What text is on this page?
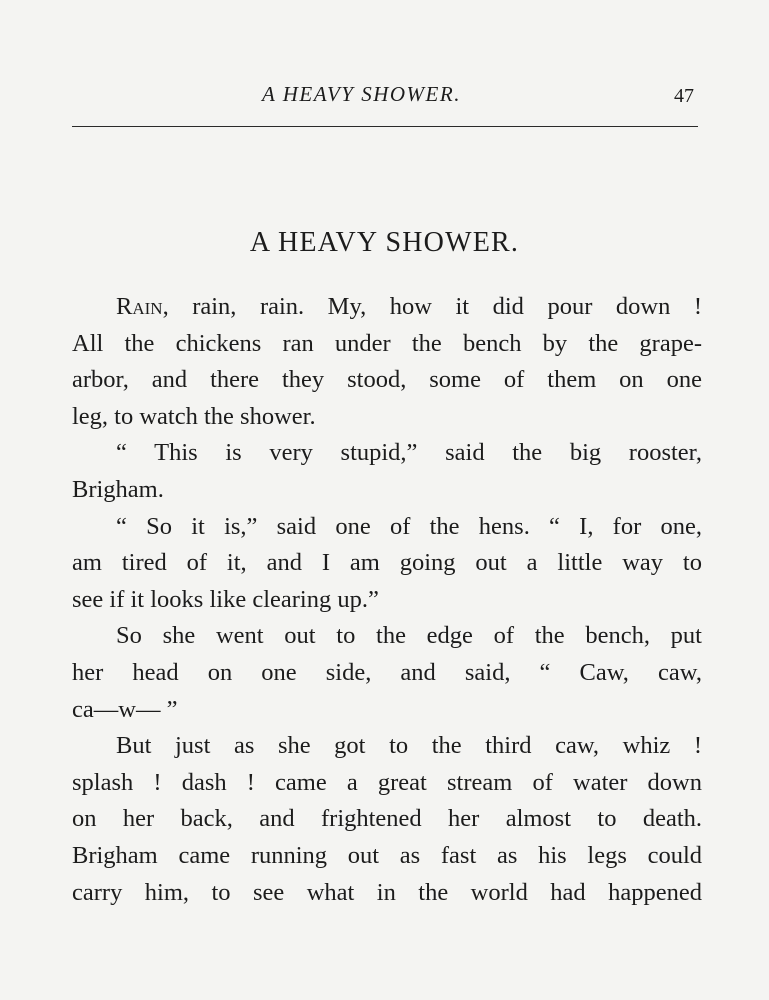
A HEAVY SHOWER.	47
A HEAVY SHOWER.
Rain, rain, rain. My, how it did pour down !
All the chickens ran under the bench by the grape-
arbor, and there they stood, some of them on one
leg, to watch the shower.
“ This is very stupid,” said the big rooster,
Brigham.
“ So it is,” said one of the hens. “ I, for one,
am tired of it, and I am going out a little way to
see if it looks like clearing up.”
So she went out to the edge of the bench, put
her head on one side, and said, “ Caw, caw,
ca—w— ”
But just as she got to the third caw, whiz !
splash ! dash ! came a great stream of water down
on her back, and frightened her almost to death.
Brigham came running out as fast as his legs could
carry him, to see what in the world had happened
